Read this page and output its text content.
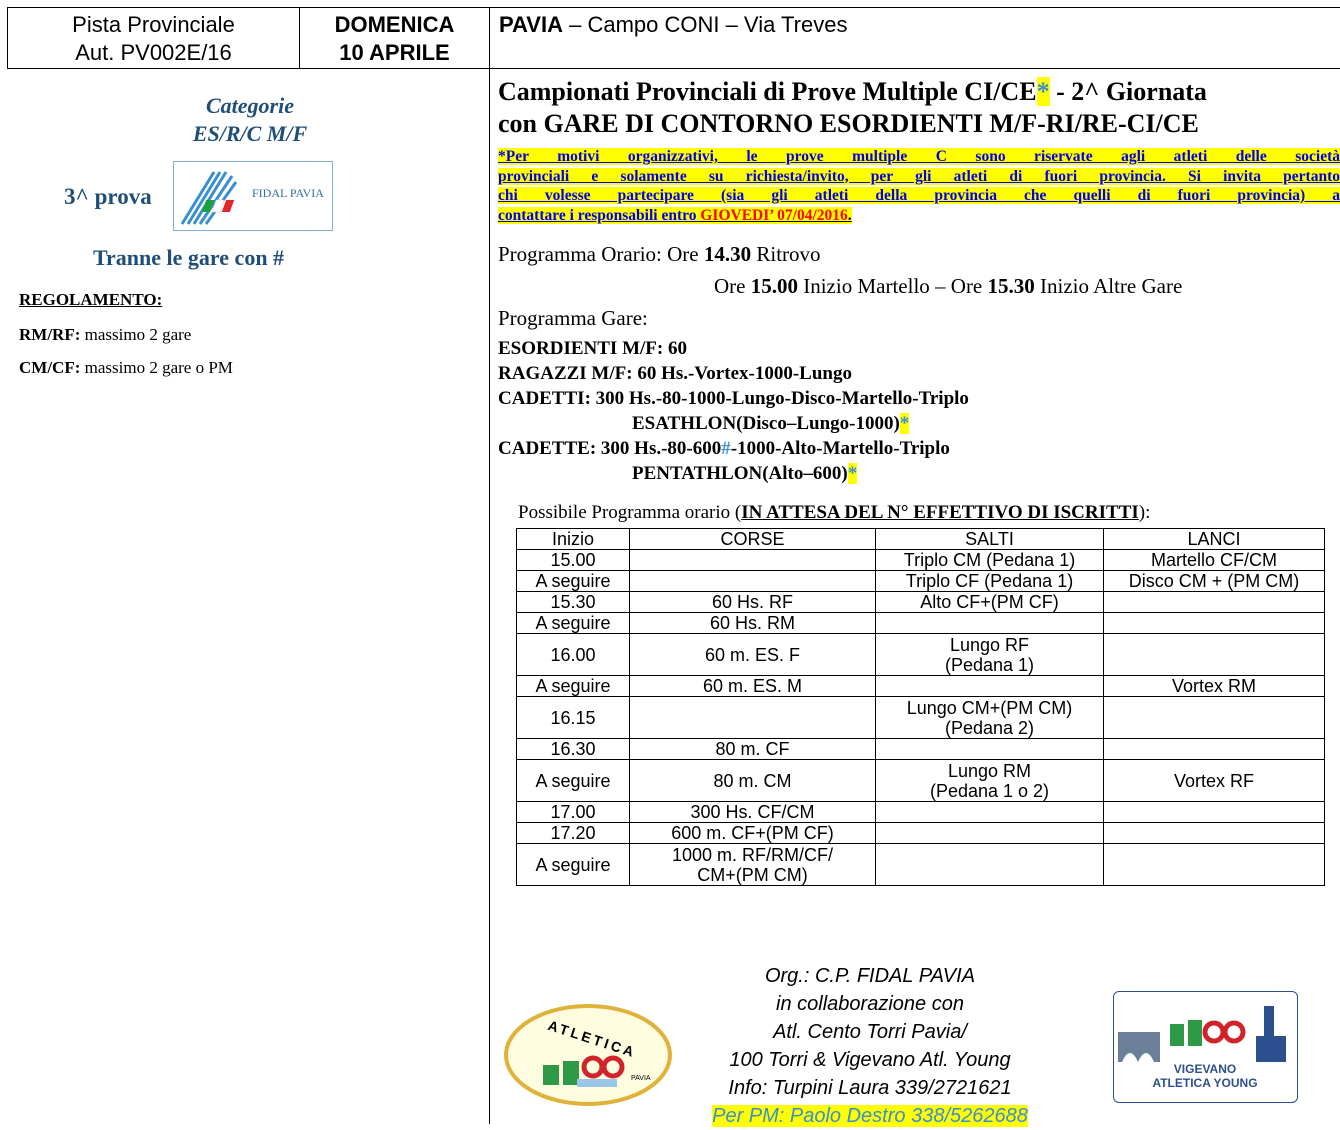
Pista Provinciale
Aut. PV002E/16
DOMENICA
10 APRILE
PAVIA – Campo CONI – Via Treves
Categorie
ES/R/C M/F
3^ prova	FIDAL PAVIA
Tranne le gare con #
REGOLAMENTO:
RM/RF: massimo 2 gare
CM/CF: massimo 2 gare o PM
Campionati Provinciali di Prove Multiple CI/CE* - 2^ Giornata
con GARE DI CONTORNO ESORDIENTI M/F-RI/RE-CI/CE
*Per motivi organizzativi, le prove multiple C sono riservate agli atleti delle società
provinciali e solamente su richiesta/invito, per gli atleti di fuori provincia. Si invita pertanto
chi volesse partecipare (sia gli atleti della provincia che quelli di fuori provincia) a
contattare i responsabili entro GIOVEDI’ 07/04/2016.
Programma Orario: Ore 14.30 Ritrovo
Ore 15.00 Inizio Martello – Ore 15.30 Inizio Altre Gare
Programma Gare:
ESORDIENTI M/F: 60
RAGAZZI M/F: 60 Hs.-Vortex-1000-Lungo
CADETTI: 300 Hs.-80-1000-Lungo-Disco-Martello-Triplo
ESATHLON(Disco–Lungo-1000)*
CADETTE: 300 Hs.-80-600#-1000-Alto-Martello-Triplo
PENTATHLON(Alto–600)*
Possibile Programma orario (IN ATTESA DEL N° EFFETTIVO DI ISCRITTI):
Inizio	CORSE	SALTI	LANCI
15.00		Triplo CM (Pedana 1)	Martello CF/CM
A seguire		Triplo CF (Pedana 1)	Disco CM + (PM CM)
15.30	60 Hs. RF	Alto CF+(PM CF)	
A seguire	60 Hs. RM		
16.00	60 m. ES. F	Lungo RF
(Pedana 1)	
A seguire	60 m. ES. M		Vortex RM
16.15		Lungo CM+(PM CM)
(Pedana 2)	
16.30	80 m. CF		
A seguire	80 m. CM	Lungo RM
(Pedana 1 o 2)	Vortex RF
17.00	300 Hs. CF/CM		
17.20	600 m. CF+(PM CF)		
A seguire	1000 m. RF/RM/CF/
CM+(PM CM)		
Org.: C.P. FIDAL PAVIA
in collaborazione con
Atl. Cento Torri Pavia/
100 Torri & Vigevano Atl. Young
Info: Turpini Laura 339/2721621
Per PM: Paolo Destro 338/5262688
ATLETICA
PAVIA
VIGEVANO
ATLETICA YOUNG
